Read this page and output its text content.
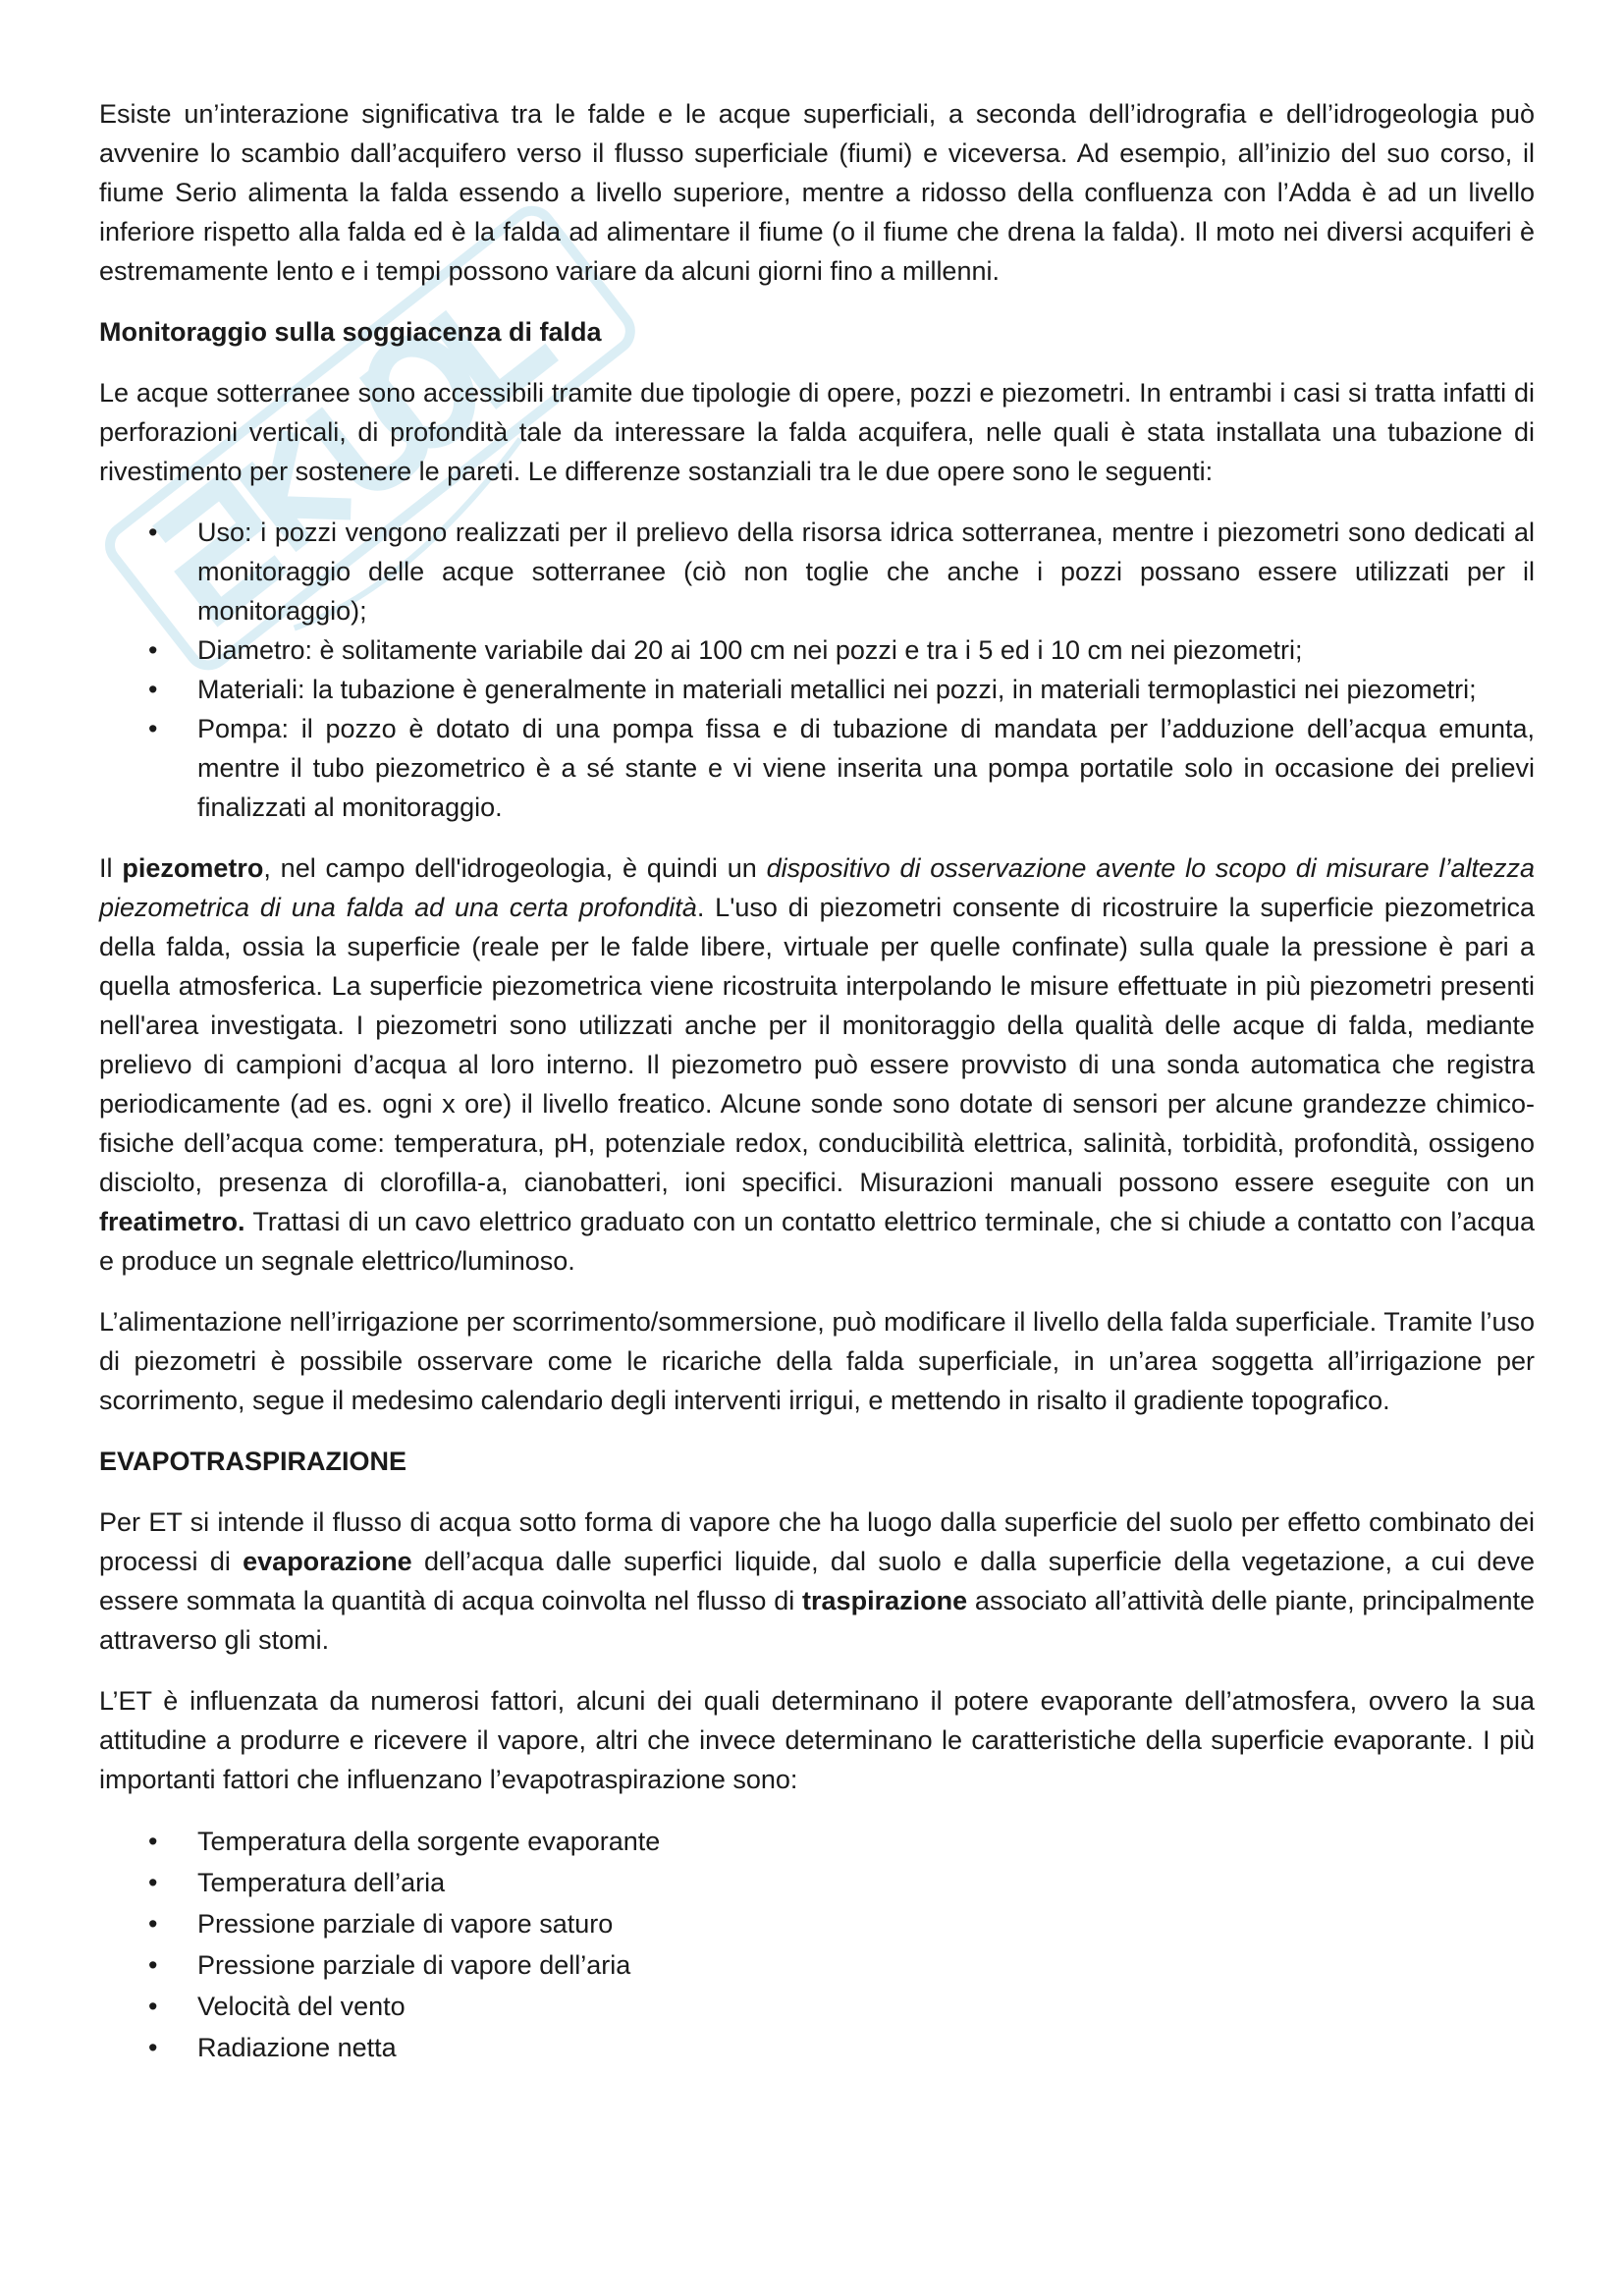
Esiste un’interazione significativa tra le falde e le acque superficiali, a seconda dell’idrografia e dell’idrogeologia può avvenire lo scambio dall’acquifero verso il flusso superficiale (fiumi) e viceversa. Ad esempio, all’inizio del suo corso, il fiume Serio alimenta la falda essendo a livello superiore, mentre a ridosso della confluenza con l’Adda è ad un livello inferiore rispetto alla falda ed è la falda ad alimentare il fiume (o il fiume che drena la falda). Il moto nei diversi acquiferi è estremamente lento e i tempi possono variare da alcuni giorni fino a millenni.

Monitoraggio sulla soggiacenza di falda

Le acque sotterranee sono accessibili tramite due tipologie di opere, pozzi e piezometri. In entrambi i casi si tratta infatti di perforazioni verticali, di profondità tale da interessare la falda acquifera, nelle quali è stata installata una tubazione di rivestimento per sostenere le pareti. Le differenze sostanziali tra le due opere sono le seguenti:

• Uso: i pozzi vengono realizzati per il prelievo della risorsa idrica sotterranea, mentre i piezometri sono dedicati al monitoraggio delle acque sotterranee (ciò non toglie che anche i pozzi possano essere utilizzati per il monitoraggio);
• Diametro: è solitamente variabile dai 20 ai 100 cm nei pozzi e tra i 5 ed i 10 cm nei piezometri;
• Materiali: la tubazione è generalmente in materiali metallici nei pozzi, in materiali termoplastici nei piezometri;
• Pompa: il pozzo è dotato di una pompa fissa e di tubazione di mandata per l’adduzione dell’acqua emunta, mentre il tubo piezometrico è a sé stante e vi viene inserita una pompa portatile solo in occasione dei prelievi finalizzati al monitoraggio.

Il piezometro, nel campo dell'idrogeologia, è quindi un dispositivo di osservazione avente lo scopo di misurare l’altezza piezometrica di una falda ad una certa profondità. L'uso di piezometri consente di ricostruire la superficie piezometrica della falda, ossia la superficie (reale per le falde libere, virtuale per quelle confinate) sulla quale la pressione è pari a quella atmosferica. La superficie piezometrica viene ricostruita interpolando le misure effettuate in più piezometri presenti nell'area investigata. I piezometri sono utilizzati anche per il monitoraggio della qualità delle acque di falda, mediante prelievo di campioni d’acqua al loro interno. Il piezometro può essere provvisto di una sonda automatica che registra periodicamente (ad es. ogni x ore) il livello freatico. Alcune sonde sono dotate di sensori per alcune grandezze chimico-fisiche dell’acqua come: temperatura, pH, potenziale redox, conducibilità elettrica, salinità, torbidità, profondità, ossigeno disciolto, presenza di clorofilla-a, cianobatteri, ioni specifici. Misurazioni manuali possono essere eseguite con un freatimetro. Trattasi di un cavo elettrico graduato con un contatto elettrico terminale, che si chiude a contatto con l’acqua e produce un segnale elettrico/luminoso.

L’alimentazione nell’irrigazione per scorrimento/sommersione, può modificare il livello della falda superficiale. Tramite l’uso di piezometri è possibile osservare come le ricariche della falda superficiale, in un’area soggetta all’irrigazione per scorrimento, segue il medesimo calendario degli interventi irrigui, e mettendo in risalto il gradiente topografico.

EVAPOTRASPIRAZIONE

Per ET si intende il flusso di acqua sotto forma di vapore che ha luogo dalla superficie del suolo per effetto combinato dei processi di evaporazione dell’acqua dalle superfici liquide, dal suolo e dalla superficie della vegetazione, a cui deve essere sommata la quantità di acqua coinvolta nel flusso di traspirazione associato all’attività delle piante, principalmente attraverso gli stomi.

L’ET è influenzata da numerosi fattori, alcuni dei quali determinano il potere evaporante dell’atmosfera, ovvero la sua attitudine a produrre e ricevere il vapore, altri che invece determinano le caratteristiche della superficie evaporante. I più importanti fattori che influenzano l’evapotraspirazione sono:

• Temperatura della sorgente evaporante
• Temperatura dell’aria
• Pressione parziale di vapore saturo
• Pressione parziale di vapore dell’aria
• Velocità del vento
• Radiazione netta
